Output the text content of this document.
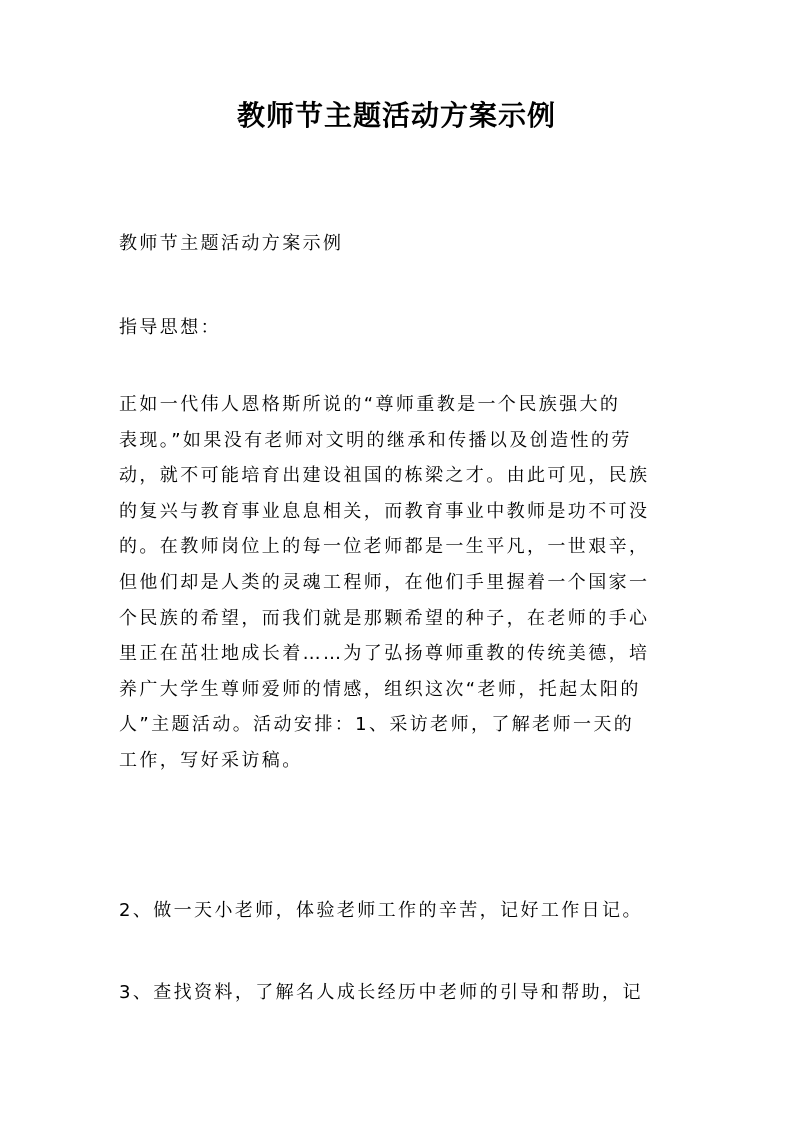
教师节主题活动方案示例

教师节主题活动方案示例

指导思想：

正如一代伟人恩格斯所说的“尊师重教是一个民族强大的
表现。”如果没有老师对文明的继承和传播以及创造性的劳
动，就不可能培育出建设祖国的栋梁之才。由此可见，民族
的复兴与教育事业息息相关，而教育事业中教师是功不可没
的。在教师岗位上的每一位老师都是一生平凡，一世艰辛，
但他们却是人类的灵魂工程师，在他们手里握着一个国家一
个民族的希望，而我们就是那颗希望的种子，在老师的手心
里正在茁壮地成长着……为了弘扬尊师重教的传统美德，培
养广大学生尊师爱师的情感，组织这次“老师，托起太阳的
人”主题活动。活动安排：1、采访老师，了解老师一天的
工作，写好采访稿。

2、做一天小老师，体验老师工作的辛苦，记好工作日记。

3、查找资料，了解名人成长经历中老师的引导和帮助，记
